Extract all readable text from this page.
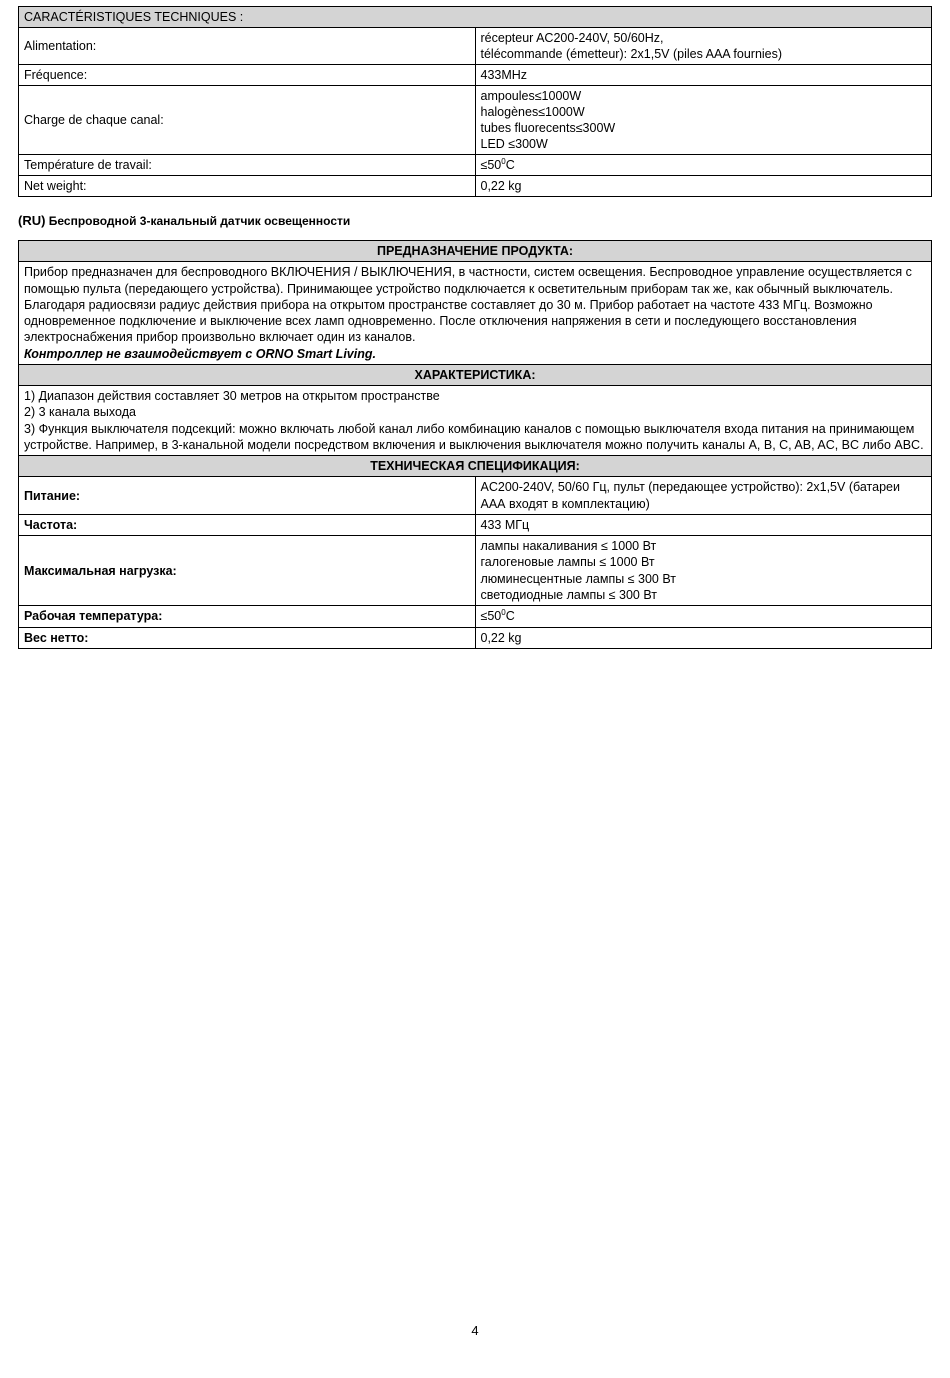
CARACTÉRISTIQUES TECHNIQUES :	
Alimentation:	récepteur AC200-240V, 50/60Hz,
télécommande (émetteur): 2x1,5V (piles AAA fournies)

Fréquence:	433MHz
Charge de chaque canal:	ampoules≤1000W
halogènes≤1000W
tubes fluorecents≤300W
LED ≤300W

Température de travail:	$\le 50^0C$
Net weight:	0,22 kg
(RU) Беспроводной 3-канальный датчик освещенности
ПРЕДНАЗНАЧЕНИЕ ПРОДУКТА:	
Прибор предназначен для беспроводного ВКЛЮЧЕНИЯ / ВЫКЛЮЧЕНИЯ, в частности, систем освещения. Беспроводное управление осуществляется с помощью пульта (передающего устройства). Принимающее устройство подключается к осветительным приборам так же, как обычный выключатель. Благодаря радиосвязи радиус действия прибора на открытом пространстве составляет до 30 м. Прибор работает на частоте 433 МГц. Возможно одновременное подключение и выключение всех ламп одновременно. После отключения напряжения в сети и последующего восстановления электроснабжения прибор произвольно включает один из каналов.
Контроллер не взаимодействует с ORNO Smart Living.	

ХАРАКТЕРИСТИКА:	

1) Диапазон действия составляет 30 метров на открытом пространстве
2) 3 канала выхода
3) Функция выключателя подсекций: можно включать любой канал либо комбинацию каналов с помощью выключателя входа питания на принимающем устройстве. Например, в 3-канальной модели посредством включения и выключения выключателя можно получить каналы A, B, C, AB, AC, BC либо ABC.	

ТЕХНИЧЕСКАЯ СПЕЦИФИКАЦИЯ:	
Питание:	AC200-240V, 50/60 Гц, пульт (передающее устройство): 2x1,5V (батареи ААА входят в комплектацию)
Частота:	433 МГц
Максимальная нагрузка:	лампы накаливания ≤ 1000 Вт
галогеновые лампы ≤ 1000 Вт
люминесцентные лампы ≤ 300 Вт
светодиодные лампы ≤ 300 Вт

Рабочая температура:	$\le 50^0C$
Вес нетто:	0,22 kg
4
